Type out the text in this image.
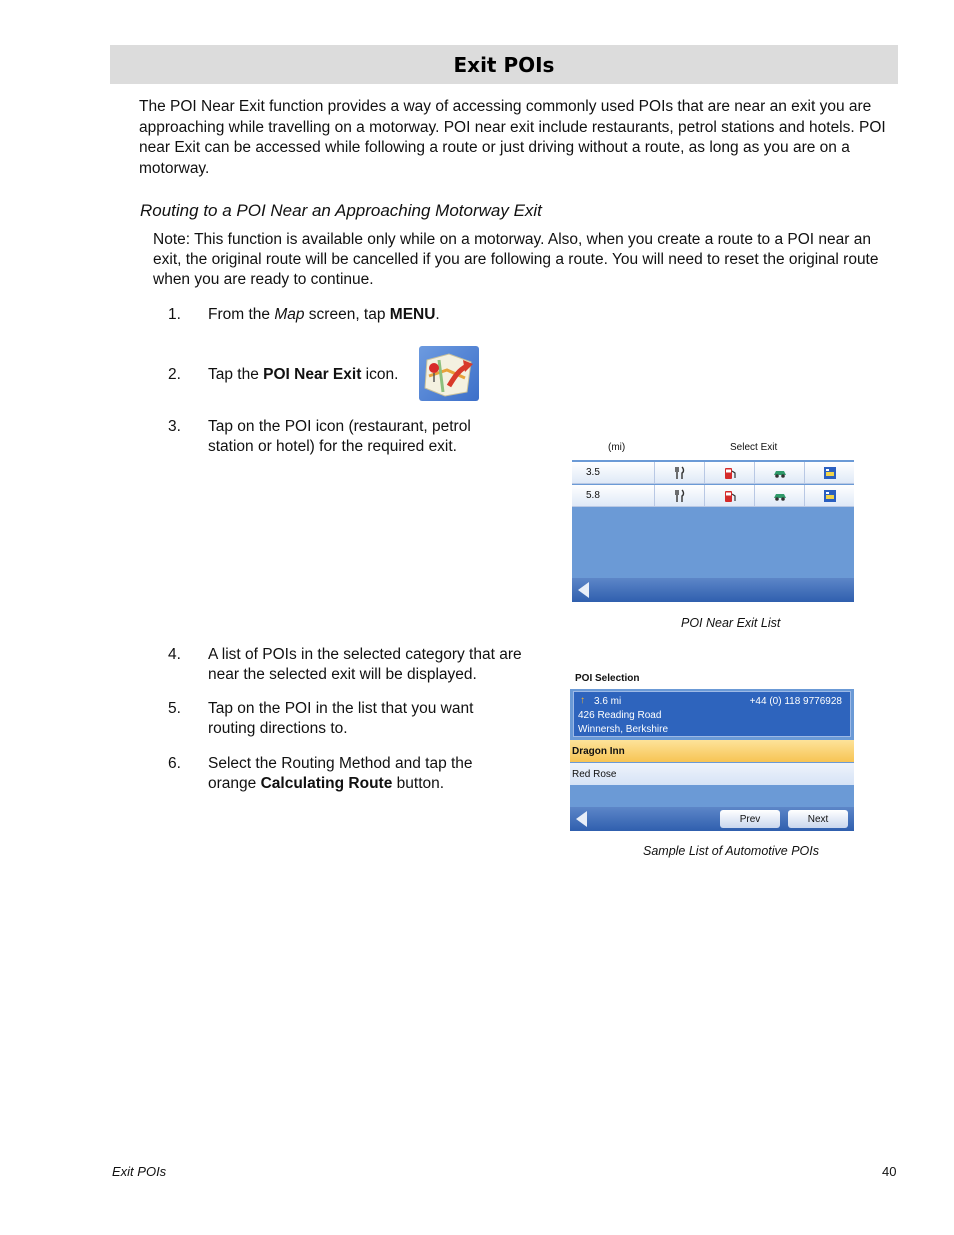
Exit POIs

The POI Near Exit function provides a way of accessing commonly used POIs that are near an exit you are approaching while travelling on a motorway. POI near exit include restaurants, petrol stations and hotels. POI near Exit can be accessed while following a route or just driving without a route, as long as you are on a motorway.

Routing to a POI Near an Approaching Motorway Exit

Note: This function is available only while on a motorway. Also, when you create a route to a POI near an exit, the original route will be cancelled if you are following a route. You will need to reset the original route when you are ready to continue.

1. From the Map screen, tap MENU.
2. Tap the POI Near Exit icon.
3. Tap on the POI icon (restaurant, petrol station or hotel) for the required exit.	(mi)	Select Exit
3.5
5.8

POI Near Exit List

4. A list of POIs in the selected category that are near the selected exit will be displayed.
5. Tap on the POI in the list that you want routing directions to.
6. Select the Routing Method and tap the orange Calculating Route button.
POI Selection
↑ 3.6 mi	+44 (0) 118 9776928
426 Reading Road
Winnersh, Berkshire
Dragon Inn
Red Rose
Prev	Next

Sample List of Automotive POIs

Exit POIs	40
